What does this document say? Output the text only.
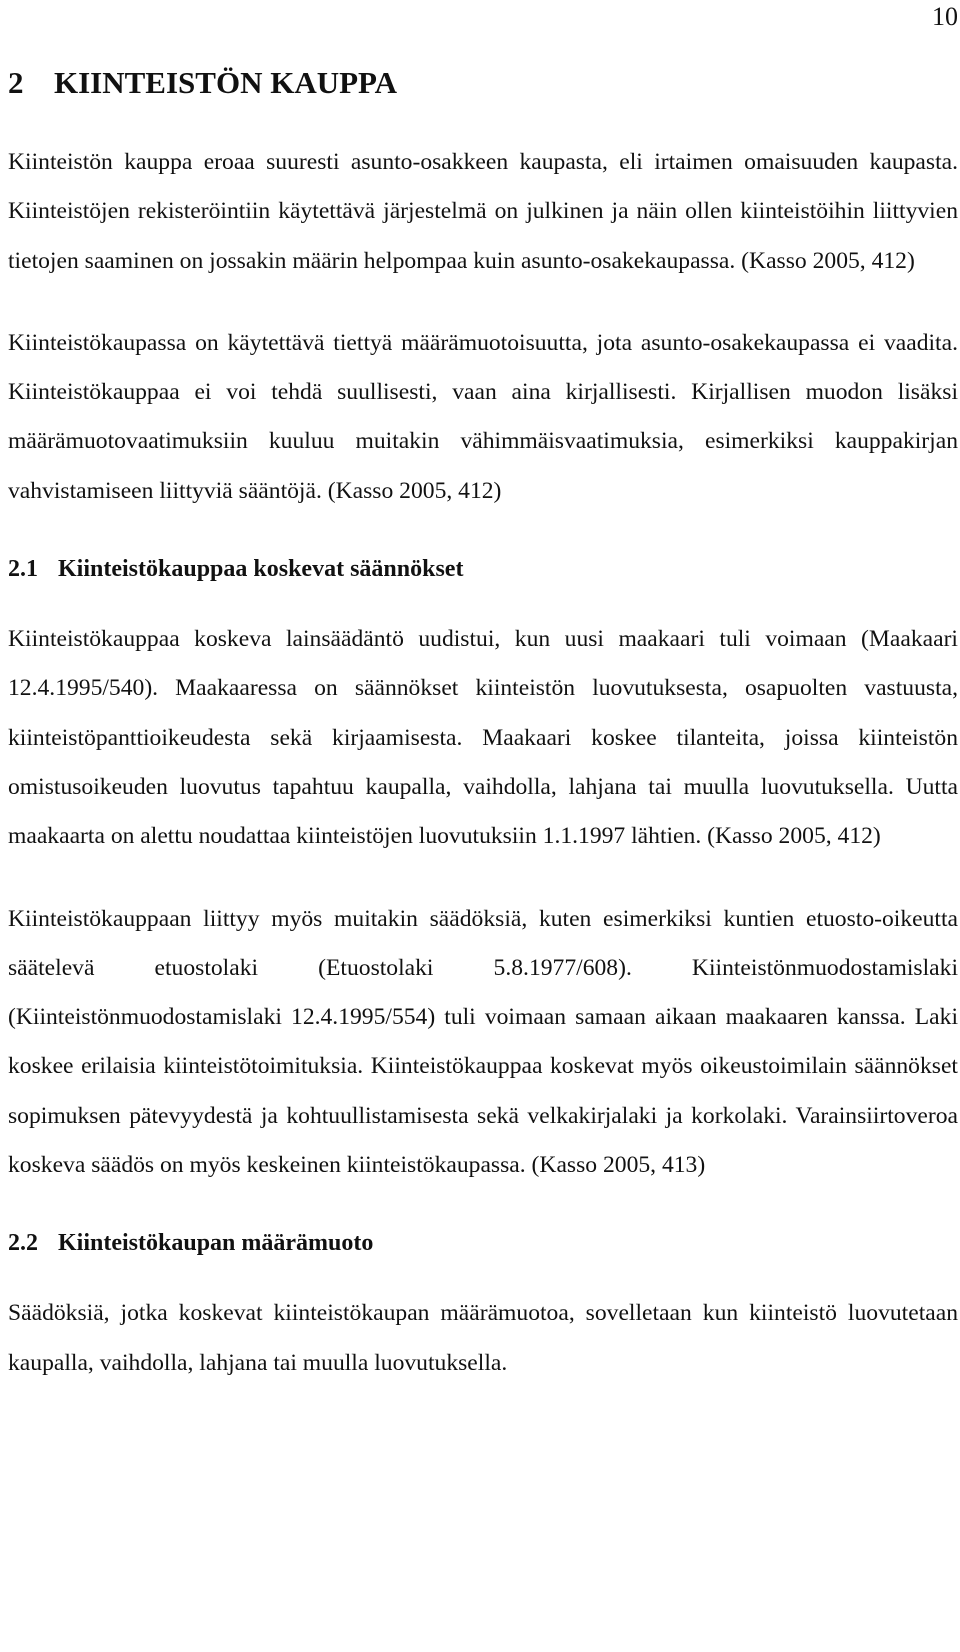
10
2 KIINTEISTÖN KAUPPA

Kiinteistön kauppa eroaa suuresti asunto-osakkeen kaupasta, eli irtaimen omaisuuden kaupasta. Kiinteistöjen rekisteröintiin käytettävä järjestelmä on julkinen ja näin ollen kiinteistöihin liittyvien tietojen saaminen on jossakin määrin helpompaa kuin asunto-osakekaupassa. (Kasso 2005, 412)

Kiinteistökaupassa on käytettävä tiettyä määrämuotoisuutta, jota asunto-osakekaupassa ei vaadita. Kiinteistökauppaa ei voi tehdä suullisesti, vaan aina kirjallisesti. Kirjallisen muodon lisäksi määrämuotovaatimuksiin kuuluu muitakin vähimmäisvaatimuksia, esimerkiksi kauppakirjan vahvistamiseen liittyviä sääntöjä. (Kasso 2005, 412)

2.1 Kiinteistökauppaa koskevat säännökset

Kiinteistökauppaa koskeva lainsäädäntö uudistui, kun uusi maakaari tuli voimaan (Maakaari 12.4.1995/540). Maakaaressa on säännökset kiinteistön luovutuksesta, osapuolten vastuusta, kiinteistöpanttioikeudesta sekä kirjaamisesta. Maakaari koskee tilanteita, joissa kiinteistön omistusoikeuden luovutus tapahtuu kaupalla, vaihdolla, lahjana tai muulla luovutuksella. Uutta maakaarta on alettu noudattaa kiinteistöjen luovutuksiin 1.1.1997 lähtien. (Kasso 2005, 412)

Kiinteistökauppaan liittyy myös muitakin säädöksiä, kuten esimerkiksi kuntien etuosto-oikeutta säätelevä etuostolaki (Etuostolaki 5.8.1977/608). Kiinteistönmuodostamislaki (Kiinteistönmuodostamislaki 12.4.1995/554) tuli voimaan samaan aikaan maakaaren kanssa. Laki koskee erilaisia kiinteistötoimituksia. Kiinteistökauppaa koskevat myös oikeustoimilain säännökset sopimuksen pätevyydestä ja kohtuullistamisesta sekä velkakirjalaki ja korkolaki. Varainsiirtoveroa koskeva säädös on myös keskeinen kiinteistökaupassa. (Kasso 2005, 413)

2.2 Kiinteistökaupan määrämuoto

Säädöksiä, jotka koskevat kiinteistökaupan määrämuotoa, sovelletaan kun kiinteistö luovutetaan kaupalla, vaihdolla, lahjana tai muulla luovutuksella.
